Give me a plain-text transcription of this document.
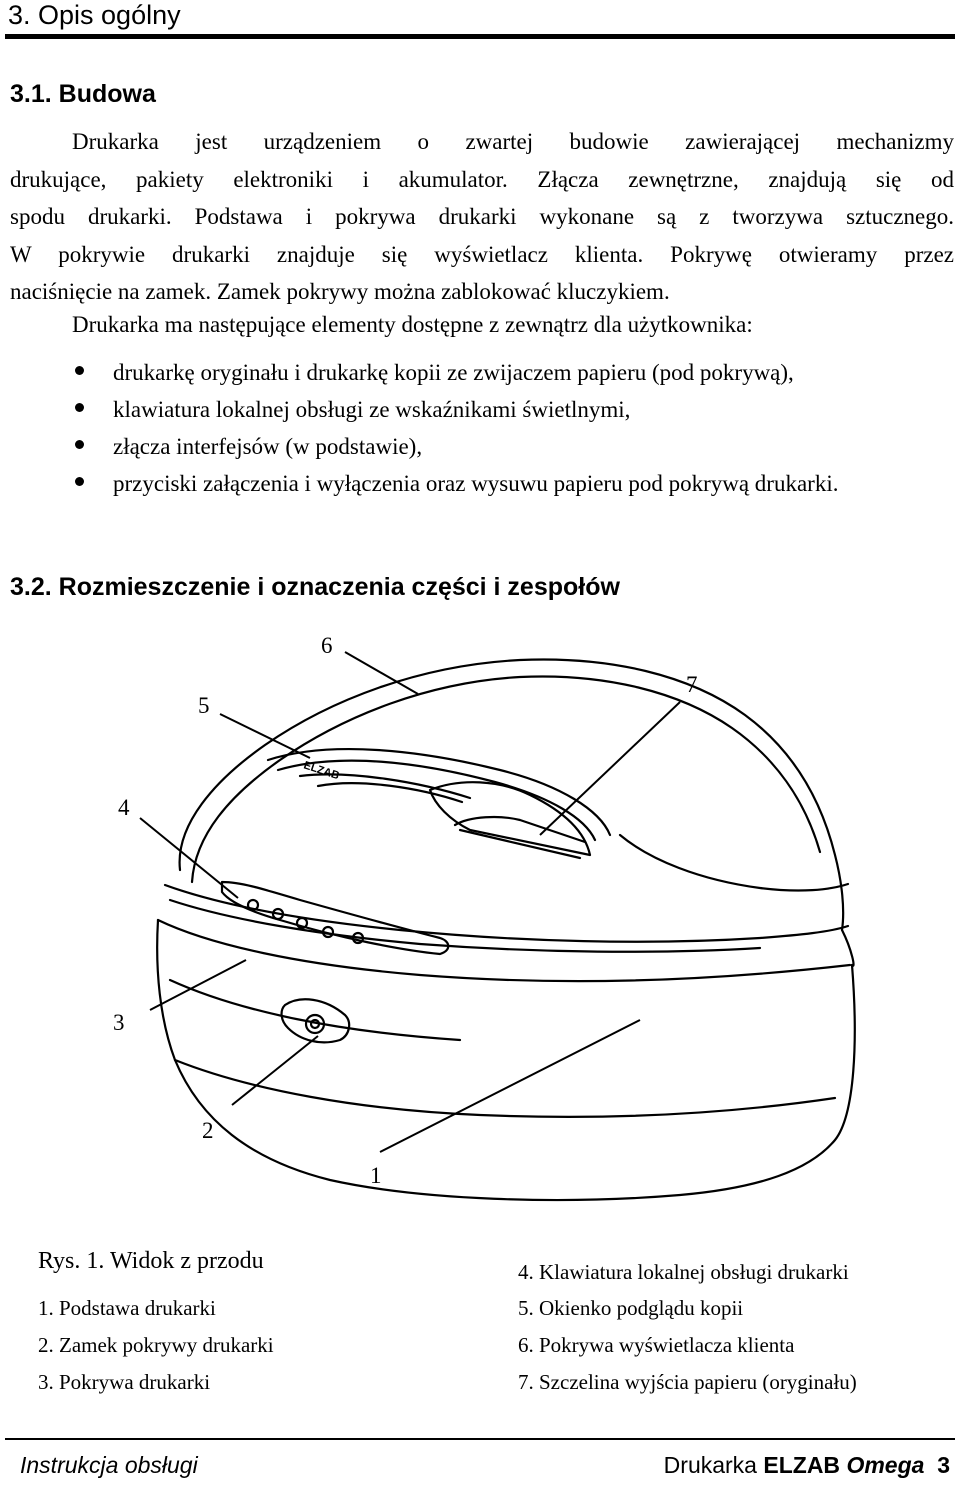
3. Opis ogólny
3.1. Budowa
Drukarka jest urządzeniem o zwartej budowie zawierającej mechanizmy
drukujące, pakiety elektroniki i akumulator. Złącza zewnętrzne, znajdują się od
spodu drukarki. Podstawa i pokrywa drukarki wykonane są z tworzywa sztucznego.
W pokrywie drukarki znajduje się wyświetlacz klienta. Pokrywę otwieramy przez
naciśnięcie na zamek. Zamek pokrywy można zablokować kluczykiem.
Drukarka ma następujące elementy dostępne z zewnątrz dla użytkownika:
drukarkę oryginału i drukarkę kopii ze zwijaczem papieru (pod pokrywą),
klawiatura lokalnej obsługi ze wskaźnikami świetlnymi,
złącza interfejsów (w podstawie),
przyciski załączenia i wyłączenia oraz wysuwu papieru pod pokrywą drukarki.
3.2. Rozmieszczenie i oznaczenia części i zespołów
ELZAB
6
7
5
4
3
2
1
Rys. 1. Widok z przodu
1. Podstawa drukarki
2. Zamek pokrywy drukarki
3. Pokrywa drukarki
4. Klawiatura lokalnej obsługi drukarki
5. Okienko podglądu kopii
6. Pokrywa wyświetlacza klienta
7. Szczelina wyjścia papieru (oryginału)
Instrukcja obsługi	Drukarka ELZAB Omega 3
